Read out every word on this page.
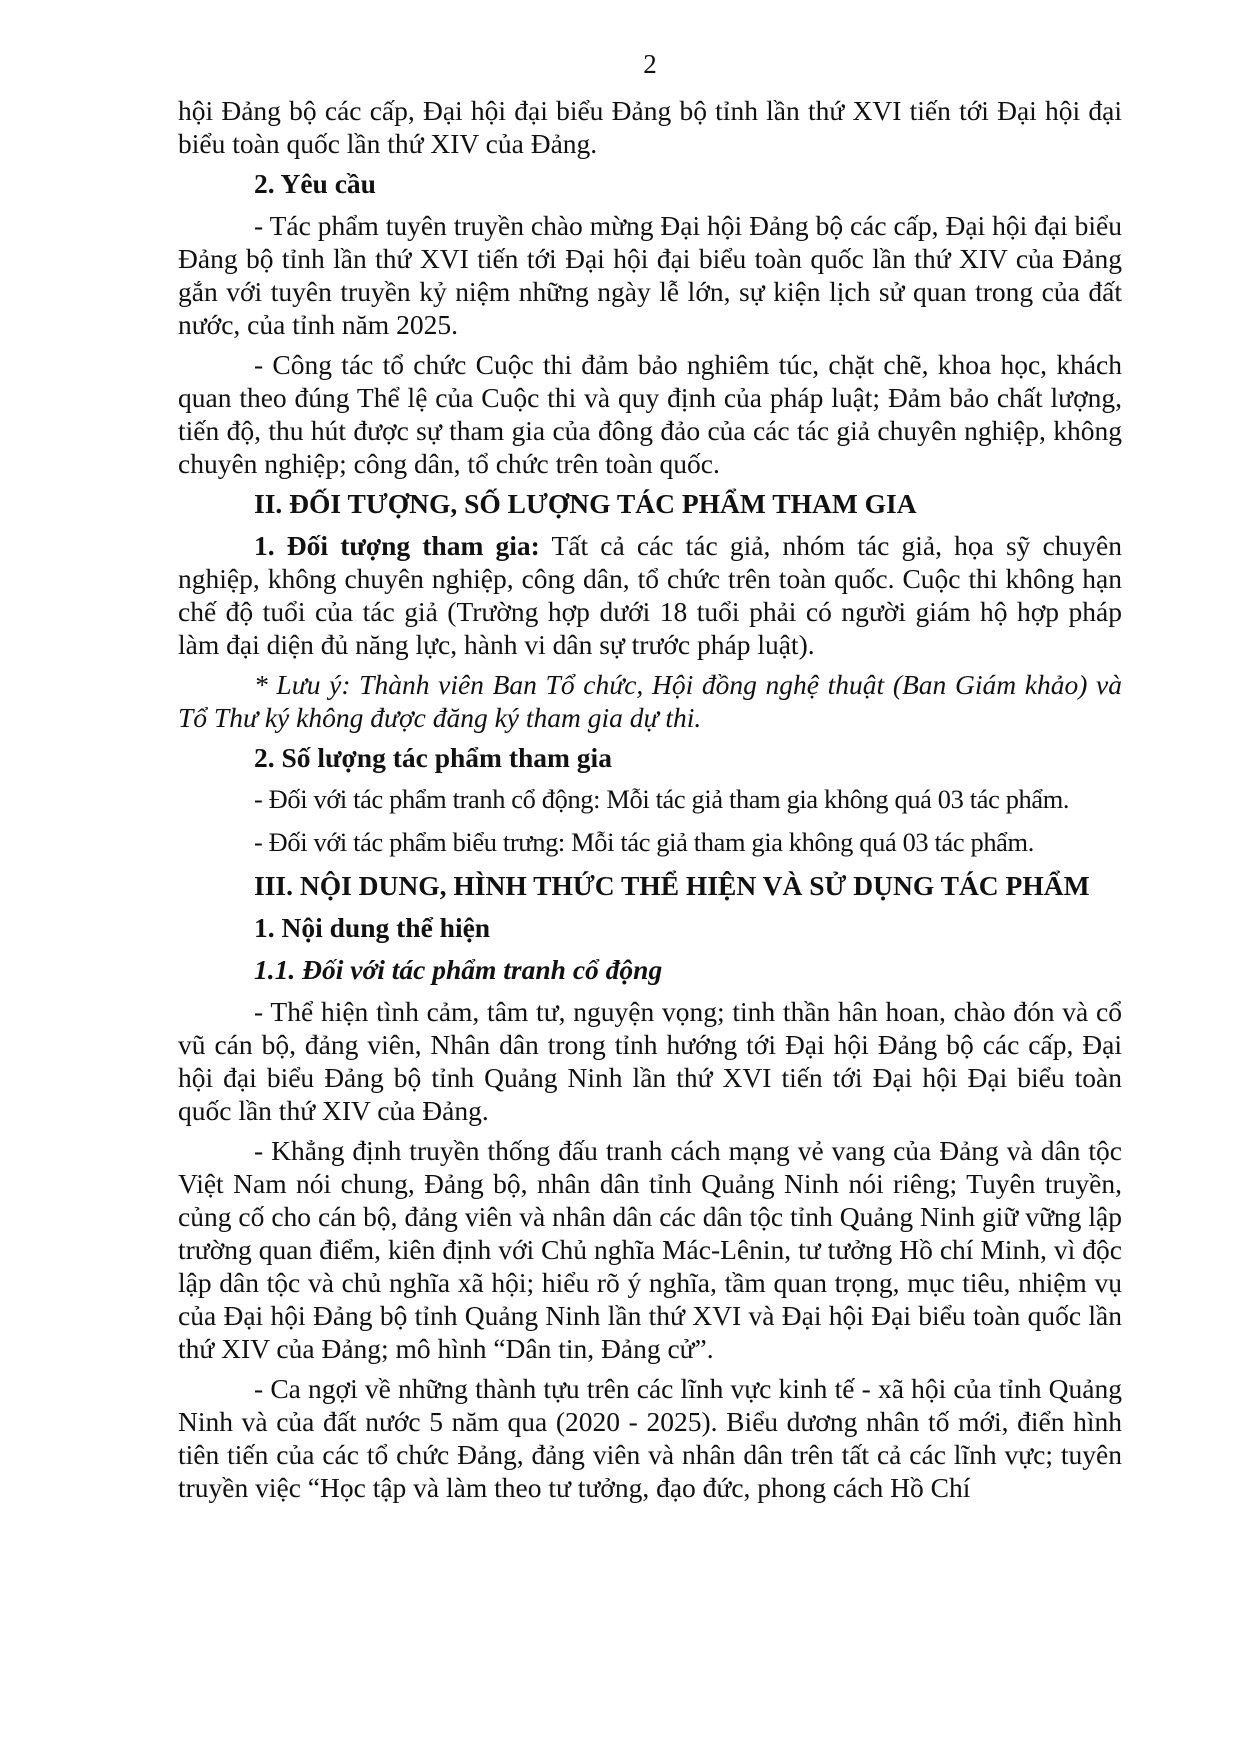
2

hội Đảng bộ các cấp, Đại hội đại biểu Đảng bộ tỉnh lần thứ XVI tiến tới Đại hội đại biểu toàn quốc lần thứ XIV của Đảng.

2. Yêu cầu

- Tác phẩm tuyên truyền chào mừng Đại hội Đảng bộ các cấp, Đại hội đại biểu Đảng bộ tỉnh lần thứ XVI tiến tới Đại hội đại biểu toàn quốc lần thứ XIV của Đảng gắn với tuyên truyền kỷ niệm những ngày lễ lớn, sự kiện lịch sử quan trong của đất nước, của tỉnh năm 2025.

- Công tác tổ chức Cuộc thi đảm bảo nghiêm túc, chặt chẽ, khoa học, khách quan theo đúng Thể lệ của Cuộc thi và quy định của pháp luật; Đảm bảo chất lượng, tiến độ, thu hút được sự tham gia của đông đảo của các tác giả chuyên nghiệp, không chuyên nghiệp; công dân, tổ chức trên toàn quốc.

II. ĐỐI TƯỢNG, SỐ LƯỢNG TÁC PHẨM THAM GIA

1. Đối tượng tham gia: Tất cả các tác giả, nhóm tác giả, họa sỹ chuyên nghiệp, không chuyên nghiệp, công dân, tổ chức trên toàn quốc. Cuộc thi không hạn chế độ tuổi của tác giả (Trường hợp dưới 18 tuổi phải có người giám hộ hợp pháp làm đại diện đủ năng lực, hành vi dân sự trước pháp luật).

* Lưu ý: Thành viên Ban Tổ chức, Hội đồng nghệ thuật (Ban Giám khảo) và Tổ Thư ký không được đăng ký tham gia dự thi.

2. Số lượng tác phẩm tham gia

- Đối với tác phẩm tranh cổ động: Mỗi tác giả tham gia không quá 03 tác phẩm.

- Đối với tác phẩm biểu trưng: Mỗi tác giả tham gia không quá 03 tác phẩm.

III. NỘI DUNG, HÌNH THỨC THỂ HIỆN VÀ SỬ DỤNG TÁC PHẨM

1. Nội dung thể hiện

1.1. Đối với tác phẩm tranh cổ động

- Thể hiện tình cảm, tâm tư, nguyện vọng; tinh thần hân hoan, chào đón và cổ vũ cán bộ, đảng viên, Nhân dân trong tỉnh hướng tới Đại hội Đảng bộ các cấp, Đại hội đại biểu Đảng bộ tỉnh Quảng Ninh lần thứ XVI tiến tới Đại hội Đại biểu toàn quốc lần thứ XIV của Đảng.

- Khẳng định truyền thống đấu tranh cách mạng vẻ vang của Đảng và dân tộc Việt Nam nói chung, Đảng bộ, nhân dân tỉnh Quảng Ninh nói riêng; Tuyên truyền, củng cố cho cán bộ, đảng viên và nhân dân các dân tộc tỉnh Quảng Ninh giữ vững lập trường quan điểm, kiên định với Chủ nghĩa Mác-Lênin, tư tưởng Hồ chí Minh, vì độc lập dân tộc và chủ nghĩa xã hội; hiểu rõ ý nghĩa, tầm quan trọng, mục tiêu, nhiệm vụ của Đại hội Đảng bộ tỉnh Quảng Ninh lần thứ XVI và Đại hội Đại biểu toàn quốc lần thứ XIV của Đảng; mô hình “Dân tin, Đảng cử”.

- Ca ngợi về những thành tựu trên các lĩnh vực kinh tế - xã hội của tỉnh Quảng Ninh và của đất nước 5 năm qua (2020 - 2025). Biểu dương nhân tố mới, điển hình tiên tiến của các tổ chức Đảng, đảng viên và nhân dân trên tất cả các lĩnh vực; tuyên truyền việc “Học tập và làm theo tư tưởng, đạo đức, phong cách Hồ Chí
